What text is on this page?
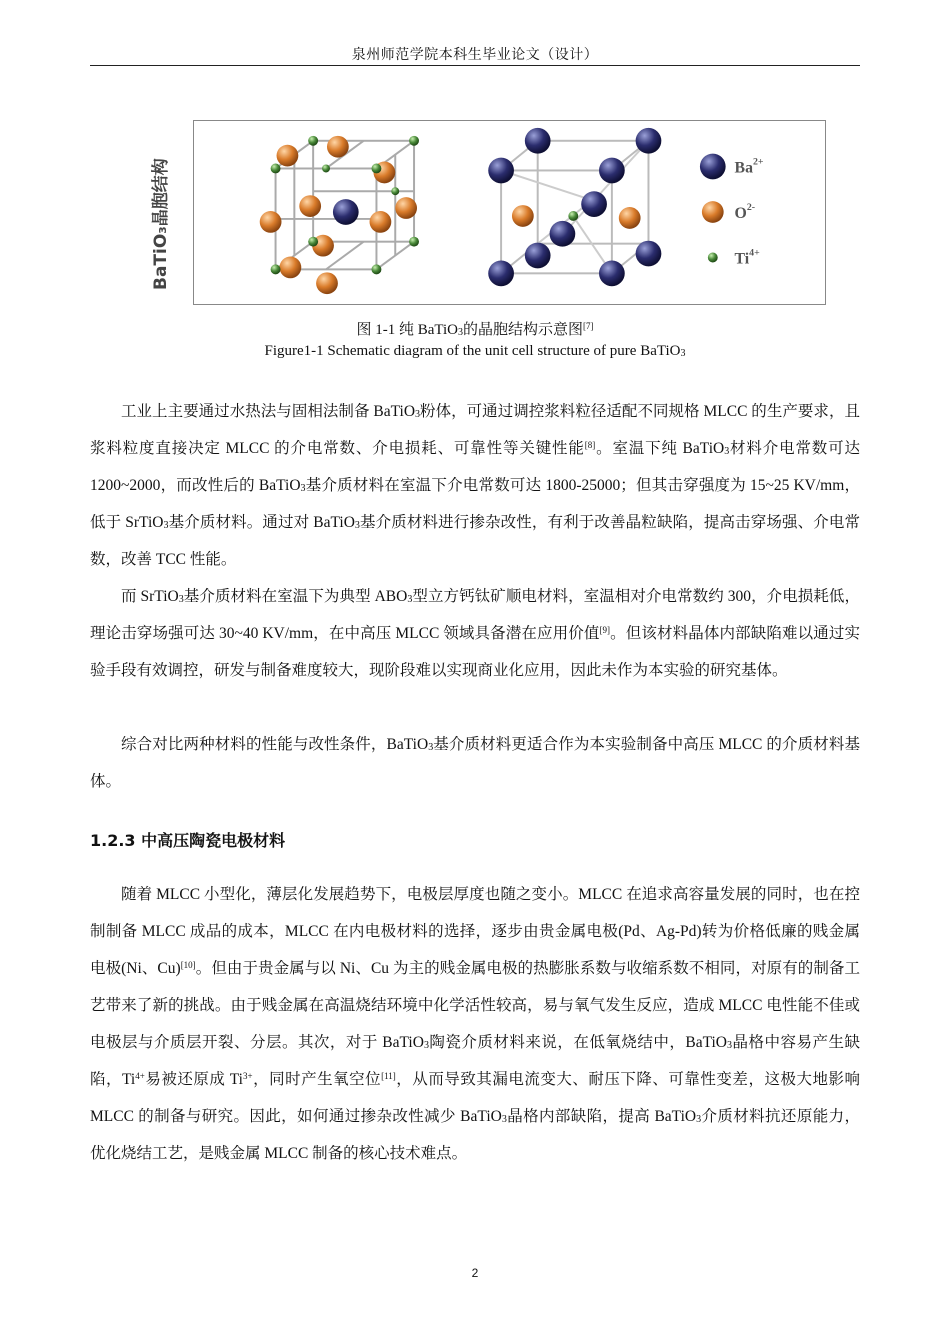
泉州师范学院本科生毕业论文（设计）
$Ba^{2+}$
$O^{2-}$
$Ti^{4+}$
BaTiO₃晶胞结构
图 1-1 纯 BaTiO$_3$的晶胞结构示意图[7]
Figure1-1 Schematic diagram of the unit cell structure of pure BaTiO$_3$

工业上主要通过水热法与固相法制备 BaTiO$_3$粉体，可通过调控浆料粒径适配不同规格 MLCC 的生产要求，且浆料粒度直接决定 MLCC 的介电常数、介电损耗、可靠性等关键性能[8]。室温下纯 BaTiO$_3$材料介电常数可达 1200~2000，而改性后的 BaTiO$_3$基介质材料在室温下介电常数可达 1800-25000；但其击穿强度为 15~25 KV/mm，低于 SrTiO$_3$基介质材料。通过对 BaTiO$_3$基介质材料进行掺杂改性，有利于改善晶粒缺陷，提高击穿场强、介电常数，改善 TCC 性能。

而 SrTiO$_3$基介质材料在室温下为典型 $ABO_3$型立方钙钛矿顺电材料，室温相对介电常数约 300，介电损耗低，理论击穿场强可达 30~40 KV/mm，在中高压 MLCC 领域具备潜在应用价值[9]。但该材料晶体内部缺陷难以通过实验手段有效调控，研发与制备难度较大，现阶段难以实现商业化应用，因此未作为本实验的研究基体。

综合对比两种材料的性能与改性条件，BaTiO$_3$基介质材料更适合作为本实验制备中高压 MLCC 的介质材料基体。

1.2.3 中高压陶瓷电极材料

随着 MLCC 小型化，薄层化发展趋势下，电极层厚度也随之变小。MLCC 在追求高容量发展的同时，也在控制制备 MLCC 成品的成本，MLCC 在内电极材料的选择，逐步由贵金属电极(Pd、Ag-Pd)转为价格低廉的贱金属电极(Ni、Cu)[10]。但由于贵金属与以 Ni、Cu 为主的贱金属电极的热膨胀系数与收缩系数不相同，对原有的制备工艺带来了新的挑战。由于贱金属在高温烧结环境中化学活性较高，易与氧气发生反应，造成 MLCC 电性能不佳或电极层与介质层开裂、分层。其次，对于 BaTiO$_3$陶瓷介质材料来说，在低氧烧结中，BaTiO$_3$晶格中容易产生缺陷，$Ti^{4+}$易被还原成 $Ti^{3+}$，同时产生氧空位[11]，从而导致其漏电流变大、耐压下降、可靠性变差，这极大地影响 MLCC 的制备与研究。因此，如何通过掺杂改性减少 BaTiO$_3$晶格内部缺陷，提高 BaTiO$_3$介质材料抗还原能力， 优化烧结工艺，是贱金属 MLCC 制备的核心技术难点。

2
